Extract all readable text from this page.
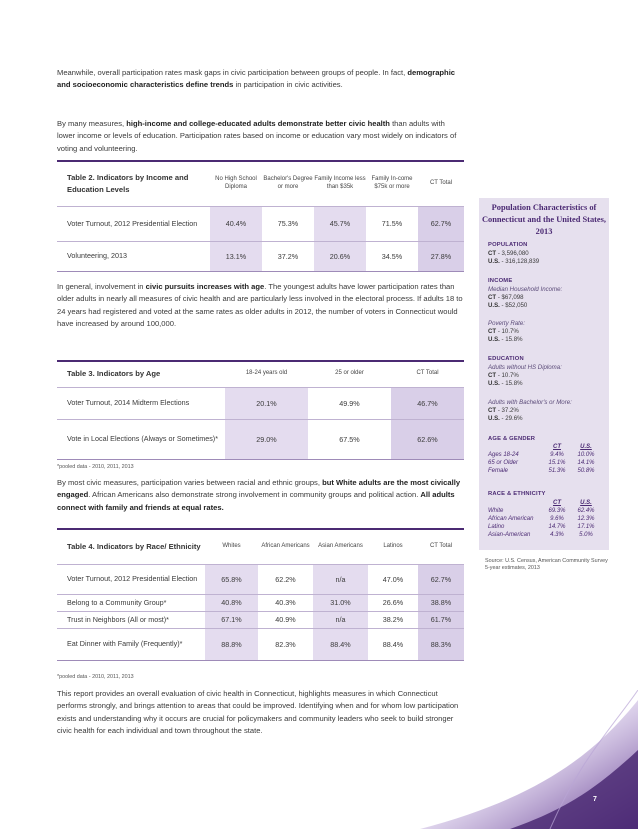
Meanwhile, overall participation rates mask gaps in civic participation between groups of people. In fact, demographic and socioeconomic characteristics define trends in participation in civic activities.
By many measures, high-income and college-educated adults demonstrate better civic health than adults with lower income or levels of education. Participation rates based on income or education vary most widely on indicators of voting and volunteering.
Table 2. Indicators by Income and Education Levels	No High School Diploma	Bachelor's Degree or more	Family Income less than $35k	Family In-come $75k or more	CT Total
Voter Turnout, 2012 Presidential Election	40.4%	75.3%	45.7%	71.5%	62.7%
Volunteering, 2013	13.1%	37.2%	20.6%	34.5%	27.8%
In general, involvement in civic pursuits increases with age. The youngest adults have lower participation rates than older adults in nearly all measures of civic health and are particularly less involved in the electoral process. If adults 18 to 24 years had registered and voted at the same rates as older adults in 2012, the number of voters in Connecticut would have increased by around 100,000.
Table 3. Indicators by Age	18-24 years old	25 or older	CT Total
Voter Turnout, 2014 Midterm Elections	20.1%	49.9%	46.7%
Vote in Local Elections (Always or Sometimes)*	29.0%	67.5%	62.6%
*pooled data - 2010, 2011, 2013
By most civic measures, participation varies between racial and ethnic groups, but White adults are the most civically engaged. African Americans also demonstrate strong involvement in community groups and political action. All adults connect with family and friends at equal rates.
Table 4. Indicators by Race/ Ethnicity	Whites	African Americans	Asian Americans	Latinos	CT Total
Voter Turnout, 2012 Presidential Election	65.8%	62.2%	n/a	47.0%	62.7%
Belong to a Community Group*	40.8%	40.3%	31.0%	26.6%	38.8%
Trust in Neighbors (All or most)*	67.1%	40.9%	n/a	38.2%	61.7%
Eat Dinner with Family (Frequently)*	88.8%	82.3%	88.4%	88.4%	88.3%
*pooled data - 2010, 2011, 2013
This report provides an overall evaluation of civic health in Connecticut, highlights measures in which Connecticut performs strongly, and brings attention to areas that could be improved. Identifying when and for whom low participation exists and understanding why it occurs are crucial for policymakers and community leaders who seek to build stronger civic health for each individual and town throughout the state.
Population Characteristics of Connecticut and the United States, 2013
POPULATION
CT - 3,596,080
U.S. - 316,128,839
INCOME
Median Household Income:
CT - $67,098
U.S. - $52,050
Poverty Rate:
CT - 10.7%
U.S. - 15.8%
EDUCATION
Adults without HS Diploma:
CT - 10.7%
U.S. - 15.8%
Adults with Bachelor's or More:
CT - 37.2%
U.S. - 29.6%
AGE & GENDER
CT	U.S.
Ages 18-24	9.4%	10.0%
65 or Older	15.1%	14.1%
Female	51.3%	50.8%
RACE & ETHNICITY
CT	U.S.
White	69.3%	62.4%
African American	9.6%	12.3%
Latino	14.7%	17.1%
Asian-American	4.3%	5.0%
Source: U.S. Census, American Community Survey 5-year estimates, 2013
7
